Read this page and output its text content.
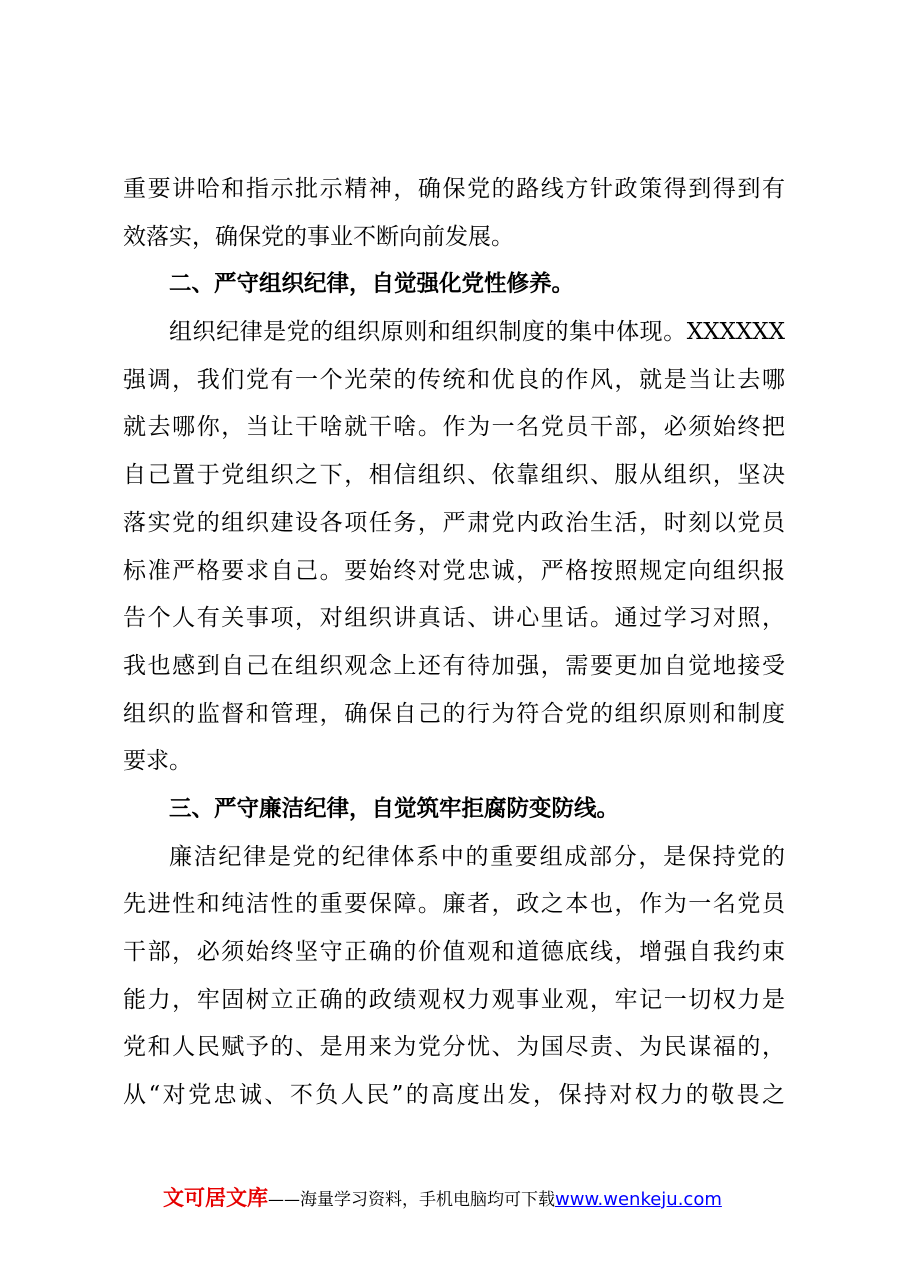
重要讲哈和指示批示精神，确保党的路线方针政策得到得到有
效落实，确保党的事业不断向前发展。
二、严守组织纪律，自觉强化党性修养。
组织纪律是党的组织原则和组织制度的集中体现。XXXXXX
强调，我们党有一个光荣的传统和优良的作风，就是当让去哪
就去哪你，当让干啥就干啥。作为一名党员干部，必须始终把
自己置于党组织之下，相信组织、依靠组织、服从组织，坚决
落实党的组织建设各项任务，严肃党内政治生活，时刻以党员
标准严格要求自己。要始终对党忠诚，严格按照规定向组织报
告个人有关事项，对组织讲真话、讲心里话。通过学习对照，
我也感到自己在组织观念上还有待加强，需要更加自觉地接受
组织的监督和管理，确保自己的行为符合党的组织原则和制度
要求。
三、严守廉洁纪律，自觉筑牢拒腐防变防线。
廉洁纪律是党的纪律体系中的重要组成部分，是保持党的
先进性和纯洁性的重要保障。廉者，政之本也，作为一名党员
干部，必须始终坚守正确的价值观和道德底线，增强自我约束
能力，牢固树立正确的政绩观权力观事业观，牢记一切权力是
党和人民赋予的、是用来为党分忧、为国尽责、为民谋福的，
从“对党忠诚、不负人民”的高度出发，保持对权力的敬畏之
文可居文库——海量学习资料，手机电脑均可下载www.wenkeju.com
